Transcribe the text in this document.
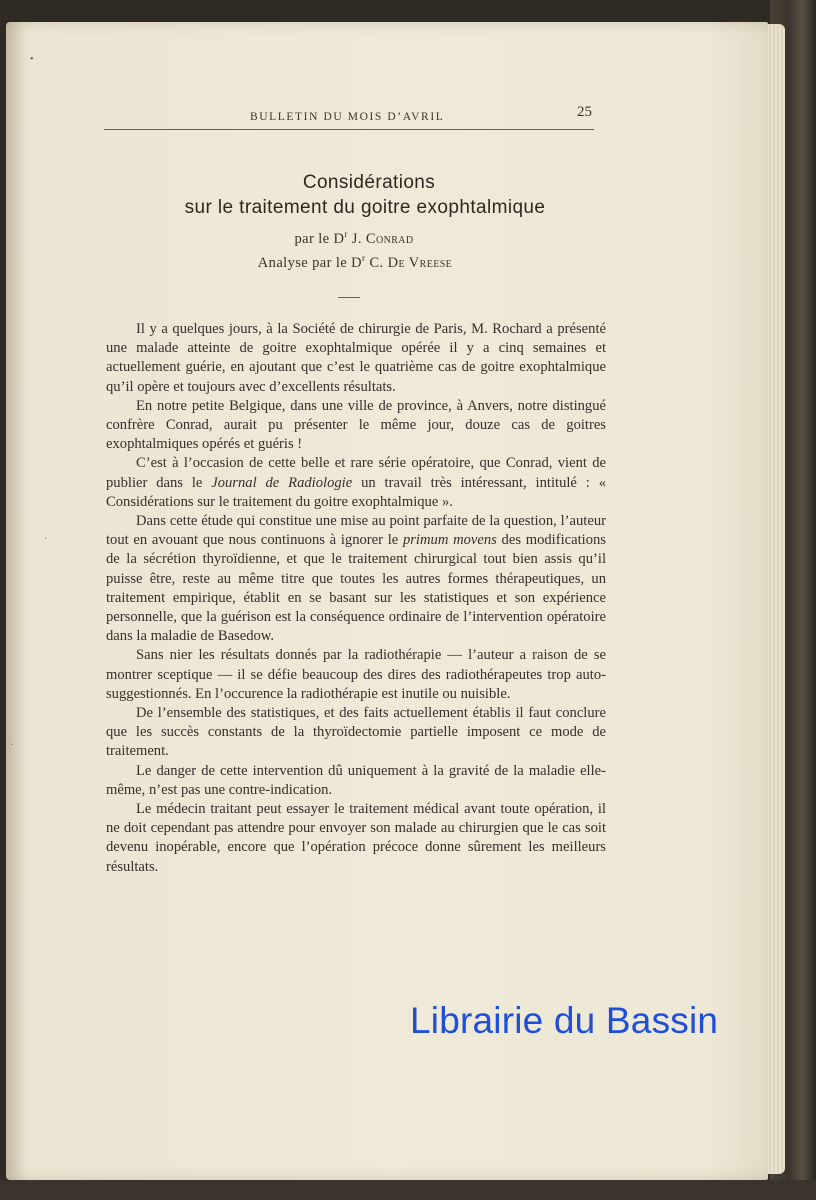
•
·
·
BULLETIN DU MOIS D’AVRIL	25
Considérations
sur le traitement du goitre exophtalmique
par le $D^r$ J. Conrad
Analyse par le $D^r$ C. De Vreese

Il y a quelques jours, à la Société de chirurgie de Paris, M. Rochard a présenté une malade atteinte de goitre exophtalmique opérée il y a cinq semaines et actuellement guérie, en ajoutant que c’est le quatrième cas de goitre exophtalmique qu’il opère et toujours avec d’excellents résultats.

En notre petite Belgique, dans une ville de province, à Anvers, notre distingué confrère Conrad, aurait pu présenter le même jour, douze cas de goitres exophtalmiques opérés et guéris !

C’est à l’occasion de cette belle et rare série opératoire, que Conrad, vient de publier dans le Journal de Radiologie un travail très intéressant, intitulé : « Considérations sur le traitement du goitre exophtalmique ».

Dans cette étude qui constitue une mise au point parfaite de la question, l’auteur tout en avouant que nous continuons à ignorer le primum movens des modifications de la sécrétion thyroïdienne, et que le traitement chirurgical tout bien assis qu’il puisse être, reste au même titre que toutes les autres formes thérapeutiques, un traitement empirique, établit en se basant sur les statistiques et son expérience personnelle, que la guérison est la conséquence ordinaire de l’intervention opératoire dans la maladie de Basedow.

Sans nier les résultats donnés par la radiothérapie — l’auteur a raison de se montrer sceptique — il se défie beaucoup des dires des radiothérapeutes trop auto-suggestionnés. En l’occurence la radiothérapie est inutile ou nuisible.

De l’ensemble des statistiques, et des faits actuellement établis il faut conclure que les succès constants de la thyroïdectomie partielle imposent ce mode de traitement.

Le danger de cette intervention dû uniquement à la gravité de la maladie elle-même, n’est pas une contre-indication.

Le médecin traitant peut essayer le traitement médical avant toute opération, il ne doit cependant pas attendre pour envoyer son malade au chirurgien que le cas soit devenu inopérable, encore que l’opération précoce donne sûrement les meilleurs résultats.

Librairie du Bassin
